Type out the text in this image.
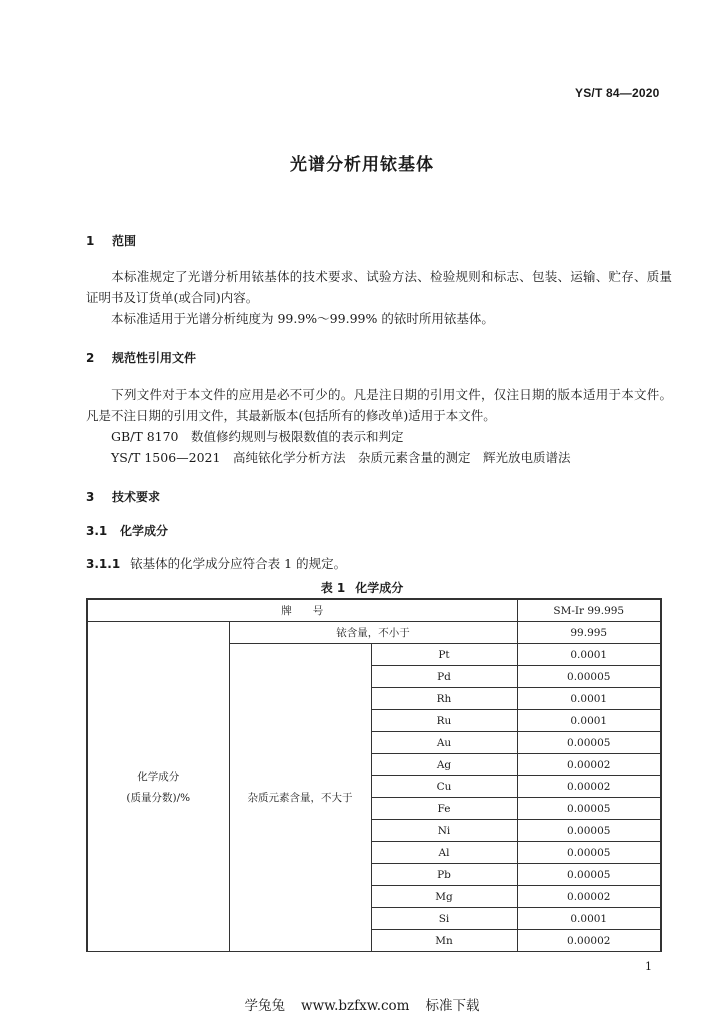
YS/T 84—2020
光谱分析用铱基体
1 范围
本标准规定了光谱分析用铱基体的技术要求、试验方法、检验规则和标志、包装、运输、贮存、质量证明书及订货单(或合同)内容。
本标准适用于光谱分析纯度为 99.9%～99.99% 的铱时所用铱基体。
2 规范性引用文件
下列文件对于本文件的应用是必不可少的。凡是注日期的引用文件，仅注日期的版本适用于本文件。凡是不注日期的引用文件，其最新版本(包括所有的修改单)适用于本文件。
GB/T 8170　数值修约规则与极限数值的表示和判定
YS/T 1506—2021　高纯铱化学分析方法　杂质元素含量的测定　辉光放电质谱法
3 技术要求
3.1 化学成分
3.1.1 铱基体的化学成分应符合表 1 的规定。
表 1 化学成分
牌　　号			SM-Ir 99.995

化学成分
(质量分数)/%	铱含量，不小于		99.995
	杂质元素含量，不大于	Pt	0.0001
		Pd	0.00005
		Rh	0.0001
		Ru	0.0001
		Au	0.00005
		Ag	0.00002
		Cu	0.00002
		Fe	0.00005
		Ni	0.00005
		Al	0.00005
		Pb	0.00005
		Mg	0.00002
		Si	0.0001
		Mn	0.00002
1
学兔兔 www.bzfxw.com 标准下载
